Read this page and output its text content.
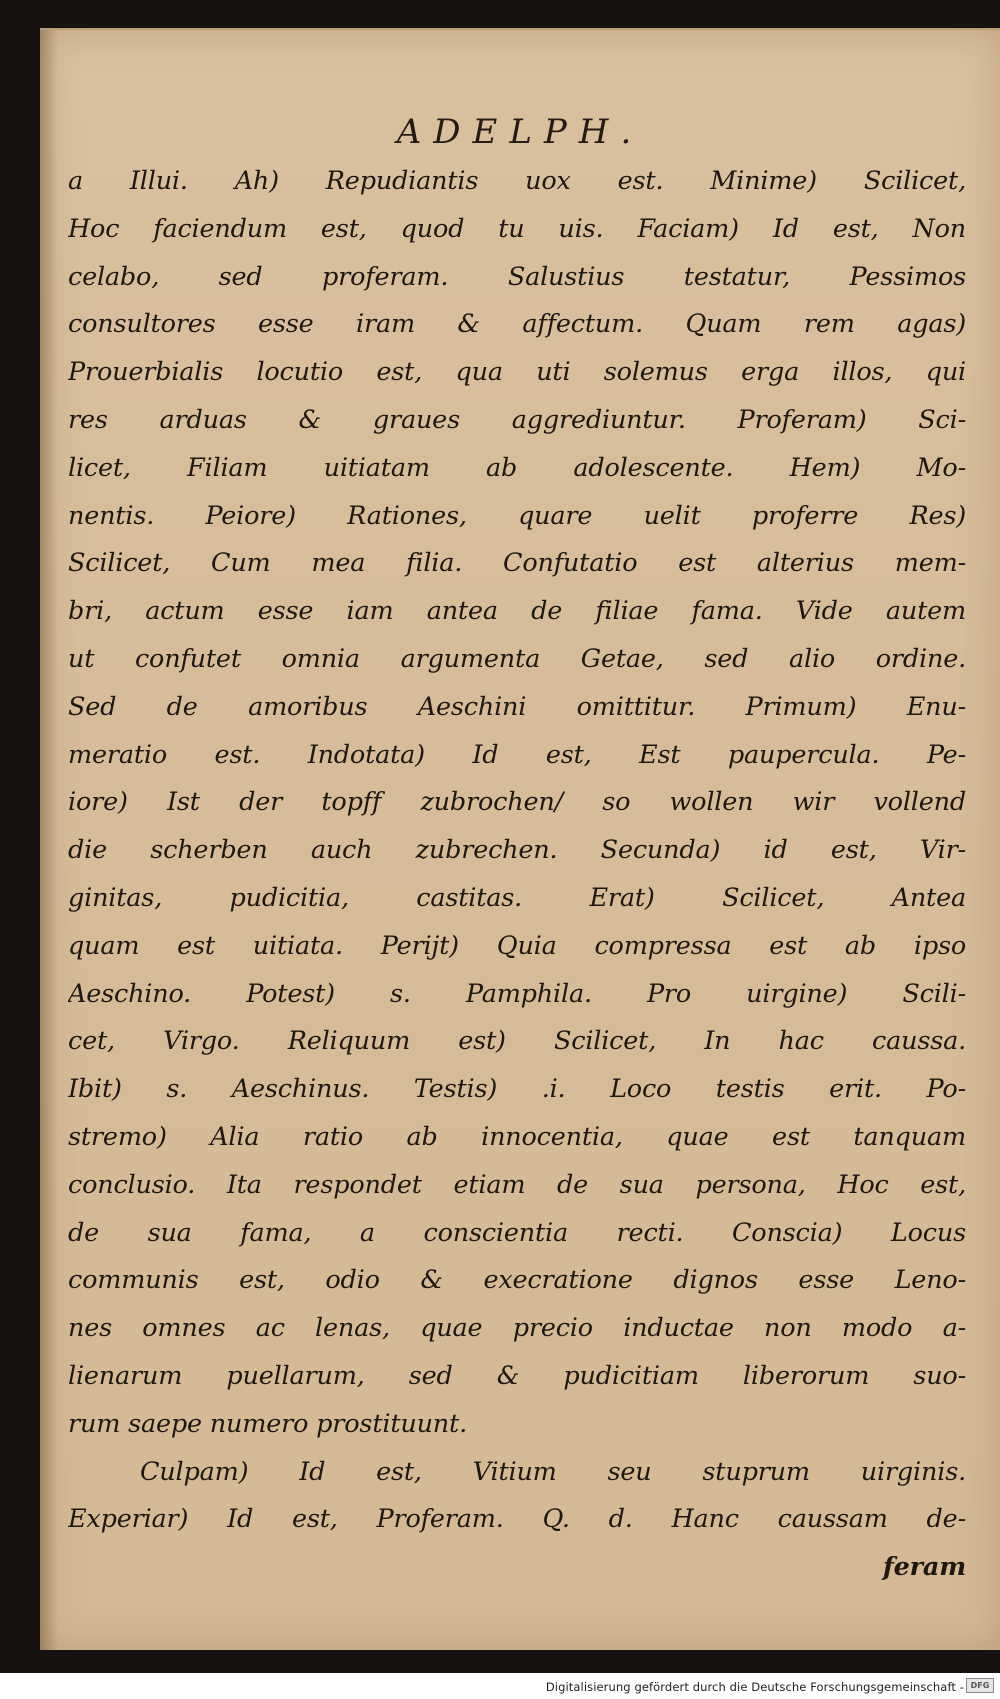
ADELPH.
a Illui. Ah) Repudiantis uox est. Minime) Scilicet,
Hoc faciendum est, quod tu uis. Faciam) Id est, Non
celabo, sed proferam. Salustius testatur, Pessimos
consultores esse iram & affectum. Quam rem agas)
Prouerbialis locutio est, qua uti solemus erga illos, qui
res arduas & graues aggrediuntur. Proferam) Sci-
licet, Filiam uitiatam ab adolescente. Hem) Mo-
nentis. Peiore) Rationes, quare uelit proferre Res)
Scilicet, Cum mea filia. Confutatio est alterius mem-
bri, actum esse iam antea de filiae fama. Vide autem
ut confutet omnia argumenta Getae, sed alio ordine.
Sed de amoribus Aeschini omittitur. Primum) Enu-
meratio est. Indotata) Id est, Est paupercula. Pe-
iore) Ist der topff zubrochen/ so wollen wir vollend
die scherben auch zubrechen. Secunda) id est, Vir-
ginitas, pudicitia, castitas. Erat) Scilicet, Antea
quam est uitiata. Perijt) Quia compressa est ab ipso
Aeschino. Potest) s. Pamphila. Pro uirgine) Scili-
cet, Virgo. Reliquum est) Scilicet, In hac caussa.
Ibit) s. Aeschinus. Testis) .i. Loco testis erit. Po-
stremo) Alia ratio ab innocentia, quae est tanquam
conclusio. Ita respondet etiam de sua persona, Hoc est,
de sua fama, a conscientia recti. Conscia) Locus
communis est, odio & execratione dignos esse Leno-
nes omnes ac lenas, quae precio inductae non modo a-
lienarum puellarum, sed & pudicitiam liberorum suo-
rum saepe numero prostituunt.
Culpam) Id est, Vitium seu stuprum uirginis.
Experiar) Id est, Proferam. Q. d. Hanc caussam de-
feram
Digitalisierung gefördert durch die Deutsche Forschungsgemeinschaft - DFG
